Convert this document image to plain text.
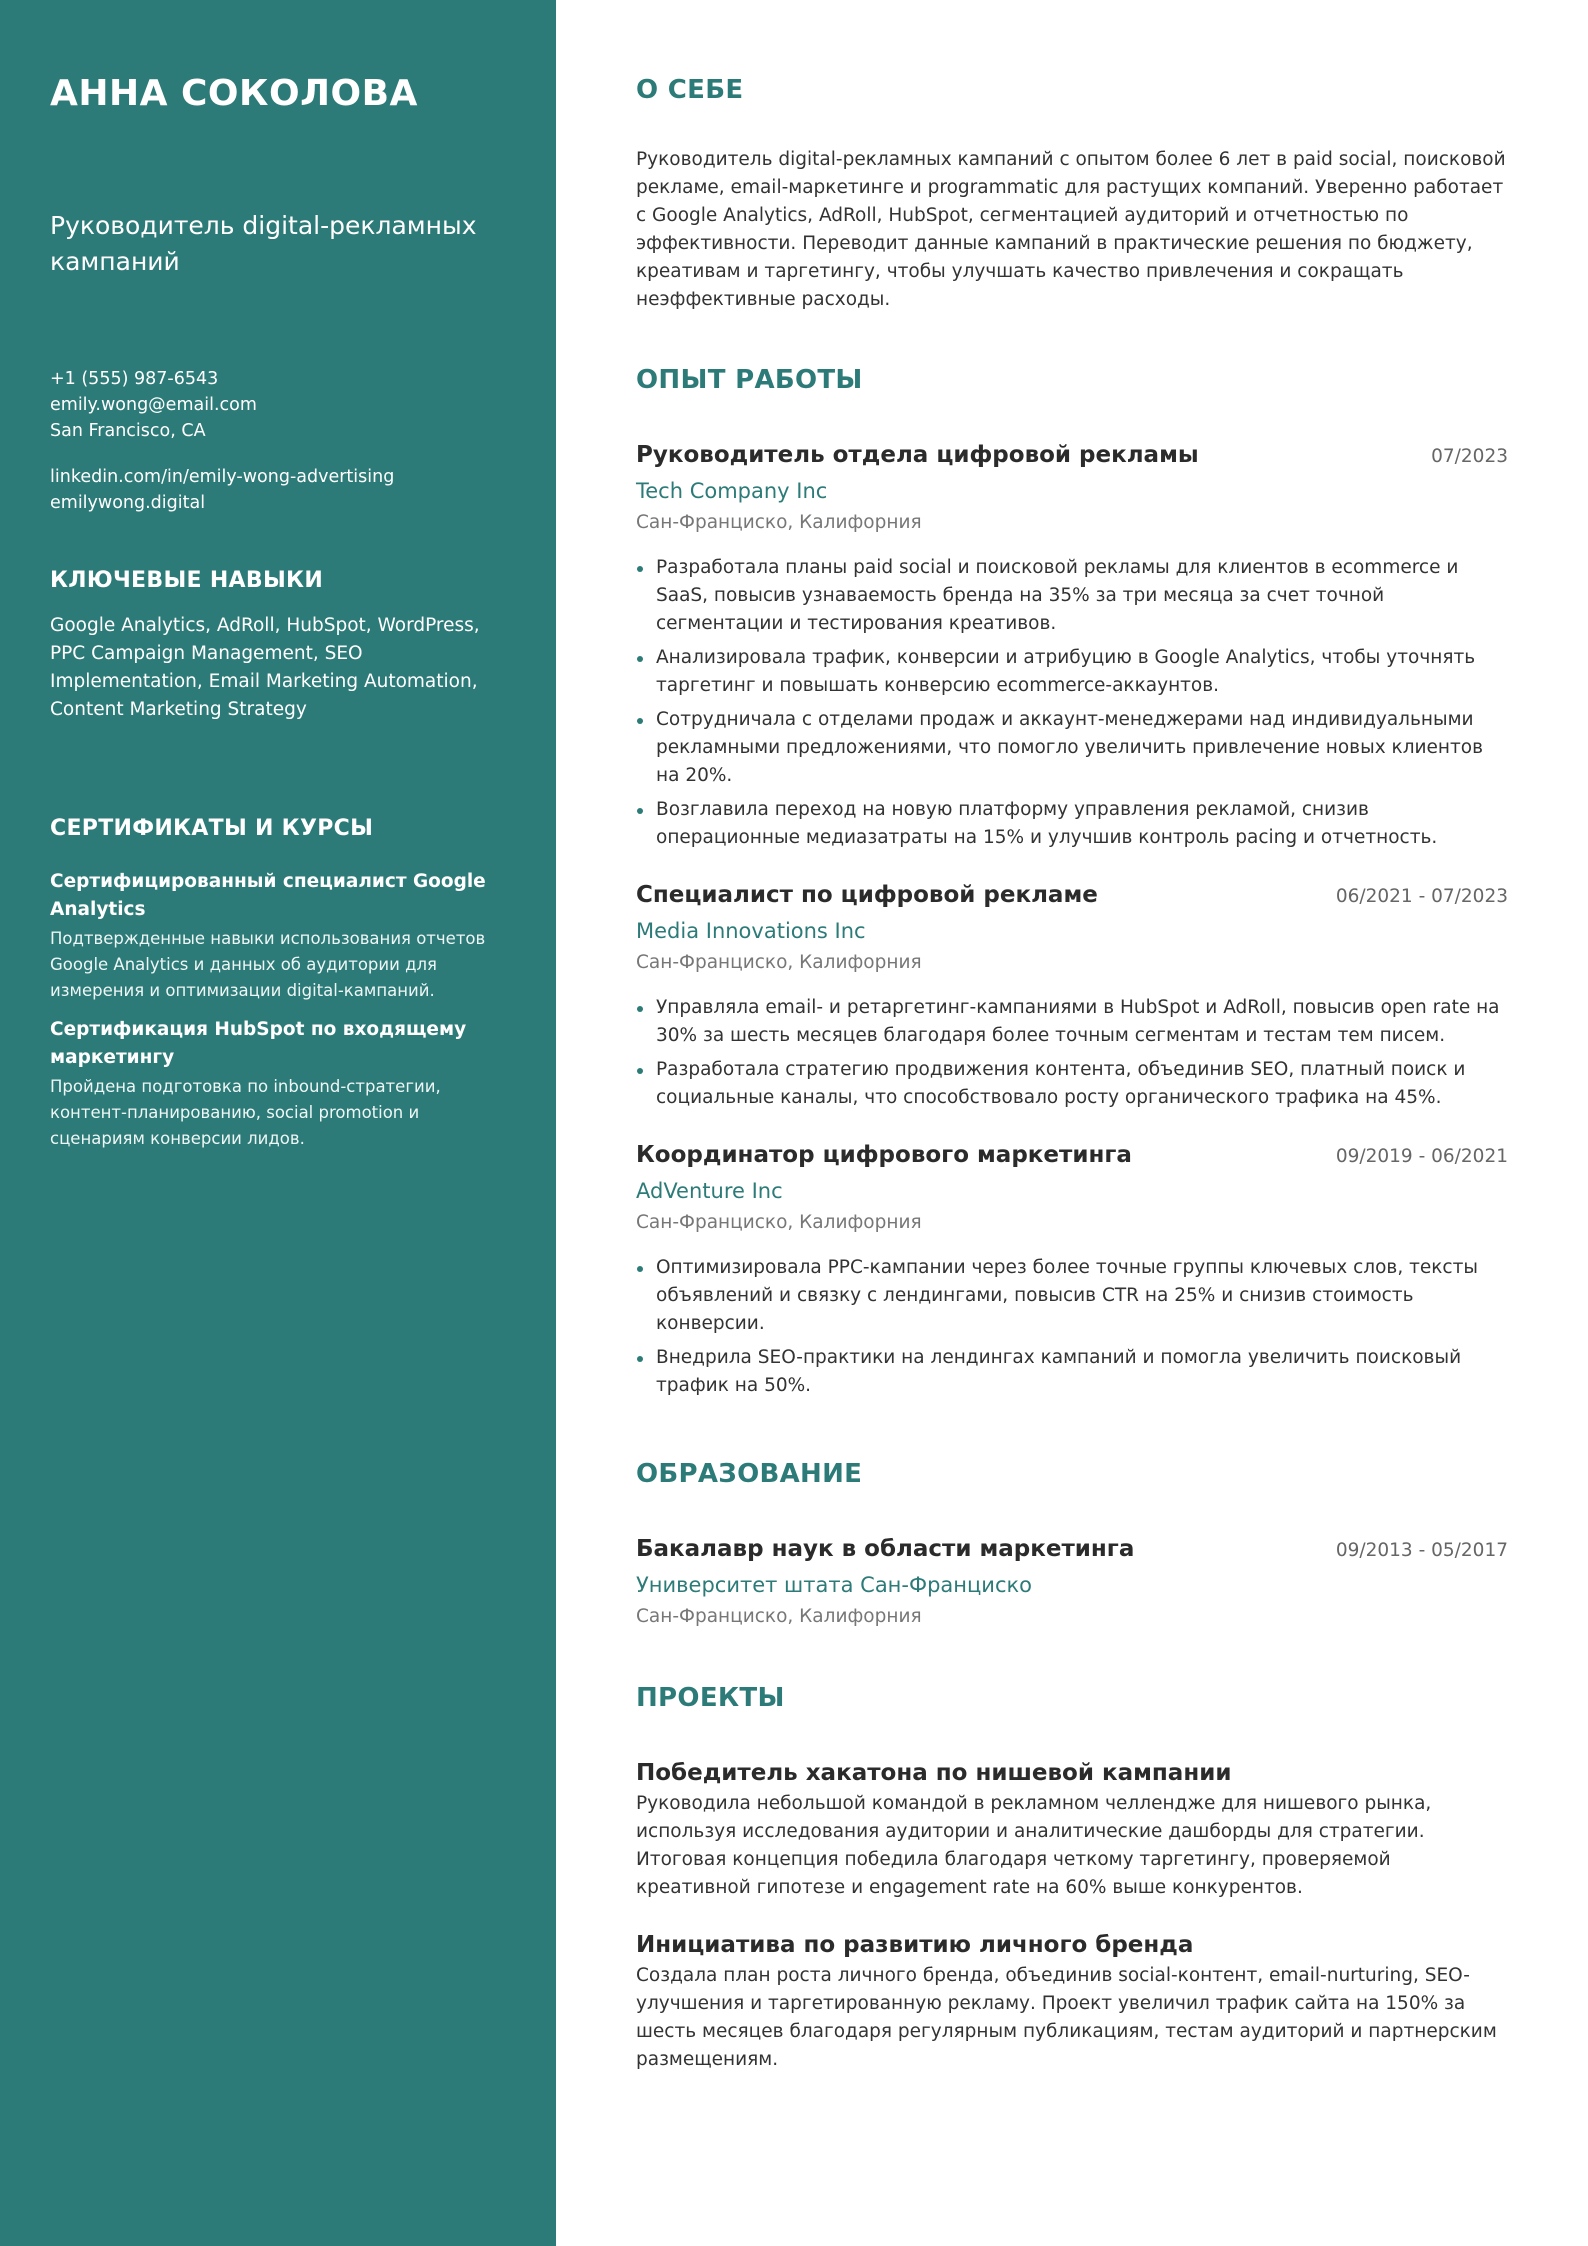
АННА СОКОЛОВА
Руководитель digital-рекламных кампаний
+1 (555) 987-6543
emily.wong@email.com
San Francisco, CA
linkedin.com/in/emily-wong-advertising
emilywong.digital
КЛЮЧЕВЫЕ НАВЫКИ
Google Analytics, AdRoll, HubSpot, WordPress, PPC Campaign Management, SEO Implementation, Email Marketing Automation, Content Marketing Strategy
СЕРТИФИКАТЫ И КУРСЫ
Сертифицированный специалист Google Analytics
Подтвержденные навыки использования отчетов Google Analytics и данных об аудитории для измерения и оптимизации digital-кампаний.
Сертификация HubSpot по входящему маркетингу
Пройдена подготовка по inbound-стратегии, контент-планированию, social promotion и сценариям конверсии лидов.
О СЕБЕ

Руководитель digital-рекламных кампаний с опытом более 6 лет в paid social, поисковой рекламе, email-маркетинге и programmatic для растущих компаний. Уверенно работает с Google Analytics, AdRoll, HubSpot, сегментацией аудиторий и отчетностью по эффективности. Переводит данные кампаний в практические решения по бюджету, креативам и таргетингу, чтобы улучшать качество привлечения и сокращать неэффективные расходы.

ОПЫТ РАБОТЫ
Руководитель отдела цифровой рекламы	07/2023
Tech Company Inc
Сан-Франциско, Калифорния
Разработала планы paid social и поисковой рекламы для клиентов в ecommerce и SaaS, повысив узнаваемость бренда на 35% за три месяца за счет точной сегментации и тестирования креативов.
Анализировала трафик, конверсии и атрибуцию в Google Analytics, чтобы уточнять таргетинг и повышать конверсию ecommerce-аккаунтов.
Сотрудничала с отделами продаж и аккаунт-менеджерами над индивидуальными рекламными предложениями, что помогло увеличить привлечение новых клиентов на 20%.
Возглавила переход на новую платформу управления рекламой, снизив операционные медиазатраты на 15% и улучшив контроль pacing и отчетность.
Специалист по цифровой рекламе	06/2021 - 07/2023
Media Innovations Inc
Сан-Франциско, Калифорния
Управляла email- и ретаргетинг-кампаниями в HubSpot и AdRoll, повысив open rate на 30% за шесть месяцев благодаря более точным сегментам и тестам тем писем.
Разработала стратегию продвижения контента, объединив SEO, платный поиск и социальные каналы, что способствовало росту органического трафика на 45%.
Координатор цифрового маркетинга	09/2019 - 06/2021
AdVenture Inc
Сан-Франциско, Калифорния
Оптимизировала PPC-кампании через более точные группы ключевых слов, тексты объявлений и связку с лендингами, повысив CTR на 25% и снизив стоимость конверсии.
Внедрила SEO-практики на лендингах кампаний и помогла увеличить поисковый трафик на 50%.
ОБРАЗОВАНИЕ
Бакалавр наук в области маркетинга	09/2013 - 05/2017
Университет штата Сан-Франциско
Сан-Франциско, Калифорния
ПРОЕКТЫ
Победитель хакатона по нишевой кампании
Руководила небольшой командой в рекламном челлендже для нишевого рынка, используя исследования аудитории и аналитические дашборды для стратегии. Итоговая концепция победила благодаря четкому таргетингу, проверяемой креативной гипотезе и engagement rate на 60% выше конкурентов.
Инициатива по развитию личного бренда
Создала план роста личного бренда, объединив social-контент, email-nurturing, SEO-улучшения и таргетированную рекламу. Проект увеличил трафик сайта на 150% за шесть месяцев благодаря регулярным публикациям, тестам аудиторий и партнерским размещениям.
